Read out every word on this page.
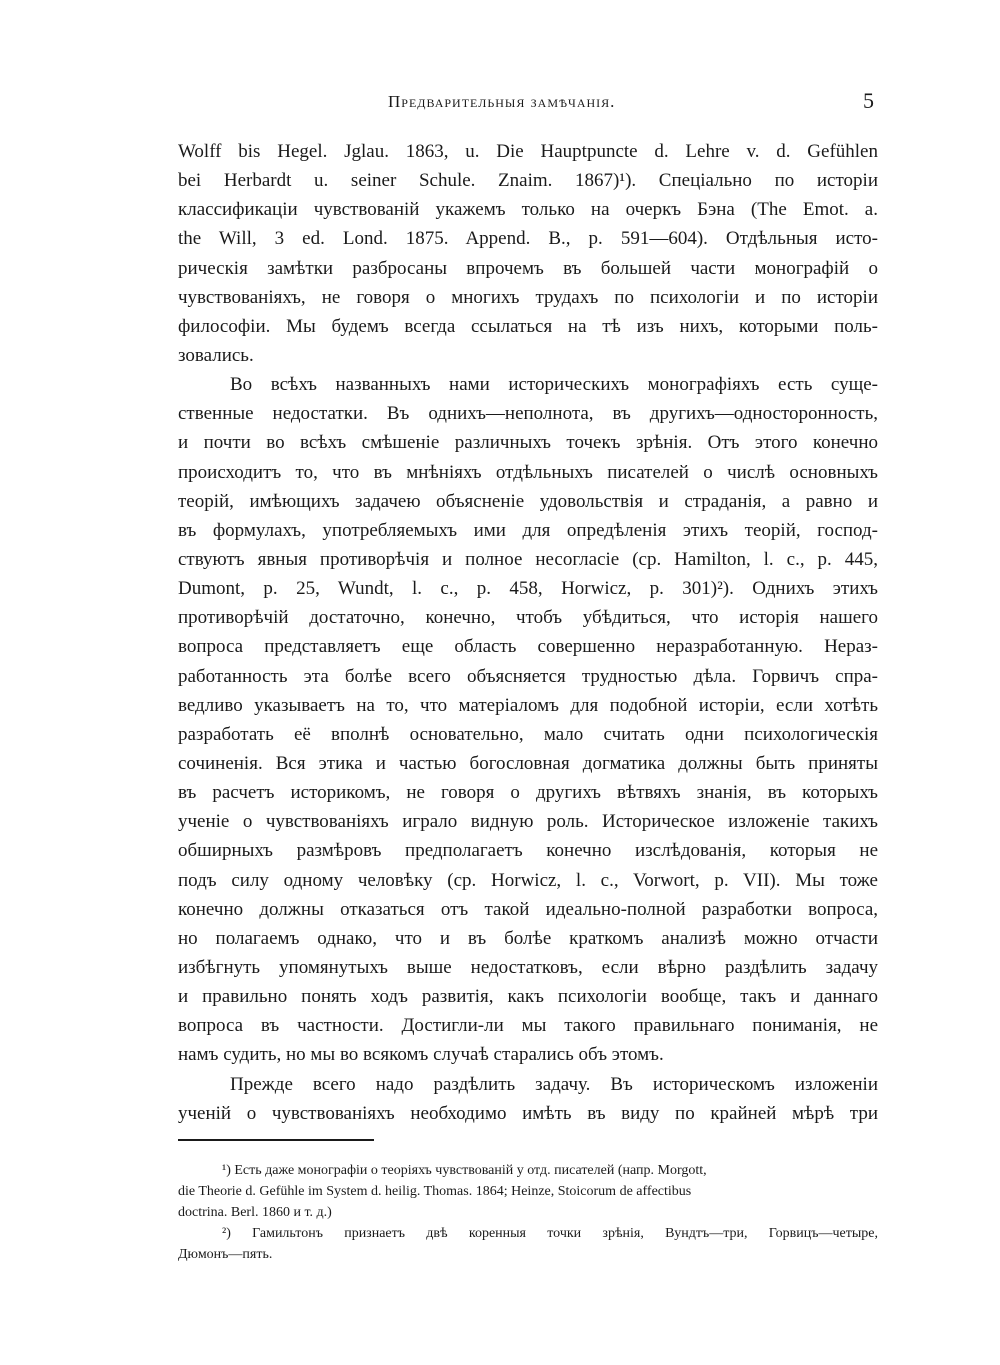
Предварительныя замѣчанія.	5
Wolff bis Hegel. Jglau. 1863, u. Die Hauptpuncte d. Lehre v. d. Gefühlen
bei Herbardt u. seiner Schule. Znaim. 1867)¹). Спеціально по исторіи
классификаціи чувствованій укажемъ только на очеркъ Бэна (The Emot. a.
the Will, 3 ed. Lond. 1875. Append. B., p. 591—604). Отдѣльныя исто-
рическія замѣтки разбросаны впрочемъ въ большей части монографій о
чувствованіяхъ, не говоря о многихъ трудахъ по психологіи и по исторіи
философіи. Мы будемъ всегда ссылаться на тѣ изъ нихъ, которыми поль-
зовались.
Во всѣхъ названныхъ нами историческихъ монографіяхъ есть суще-
ственные недостатки. Въ однихъ—неполнота, въ другихъ—односторонность,
и почти во всѣхъ смѣшеніе различныхъ точекъ зрѣнія. Отъ этого конечно
происходитъ то, что въ мнѣніяхъ отдѣльныхъ писателей о числѣ основныхъ
теорій, имѣющихъ задачею объясненіе удовольствія и страданія, а равно и
въ формулахъ, употребляемыхъ ими для опредѣленія этихъ теорій, господ-
ствуютъ явныя противорѣчія и полное несогласіе (ср. Hamilton, l. c., p. 445,
Dumont, p. 25, Wundt, l. c., p. 458, Horwicz, p. 301)²). Однихъ этихъ
противорѣчій достаточно, конечно, чтобъ убѣдиться, что исторія нашего
вопроса представляетъ еще область совершенно неразработанную. Нераз-
работанность эта болѣе всего объясняется трудностью дѣла. Горвичъ спра-
ведливо указываетъ на то, что матеріаломъ для подобной исторіи, если хотѣть
разработать её вполнѣ основательно, мало считать одни психологическія
сочиненія. Вся этика и частью богословная догматика должны быть приняты
въ расчетъ историкомъ, не говоря о другихъ вѣтвяхъ знанія, въ которыхъ
ученіе о чувствованіяхъ играло видную роль. Историческое изложеніе такихъ
обширныхъ размѣровъ предполагаетъ конечно изслѣдованія, которыя не
подъ силу одному человѣку (ср. Horwicz, l. c., Vorwort, p. VII). Мы тоже
конечно должны отказаться отъ такой идеально-полной разработки вопроса,
но полагаемъ однако, что и въ болѣе краткомъ анализѣ можно отчасти
избѣгнуть упомянутыхъ выше недостатковъ, если вѣрно раздѣлить задачу
и правильно понять ходъ развитія, какъ психологіи вообще, такъ и даннаго
вопроса въ частности. Достигли-ли мы такого правильнаго пониманія, не
намъ судить, но мы во всякомъ случаѣ старались объ этомъ.
Прежде всего надо раздѣлить задачу. Въ историческомъ изложеніи
ученій о чувствованіяхъ необходимо имѣть въ виду по крайней мѣрѣ три
¹) Есть даже монографіи о теоріяхъ чувствованій у отд. писателей (напр. Morgott,
die Theorie d. Gefühle im System d. heilig. Thomas. 1864; Heinze, Stoicorum de affectibus
doctrina. Berl. 1860 и т. д.)
²) Гамильтонъ признаетъ двѣ коренныя точки зрѣнія, Вундтъ—три, Горвицъ—четыре,
Дюмонъ—пять.
